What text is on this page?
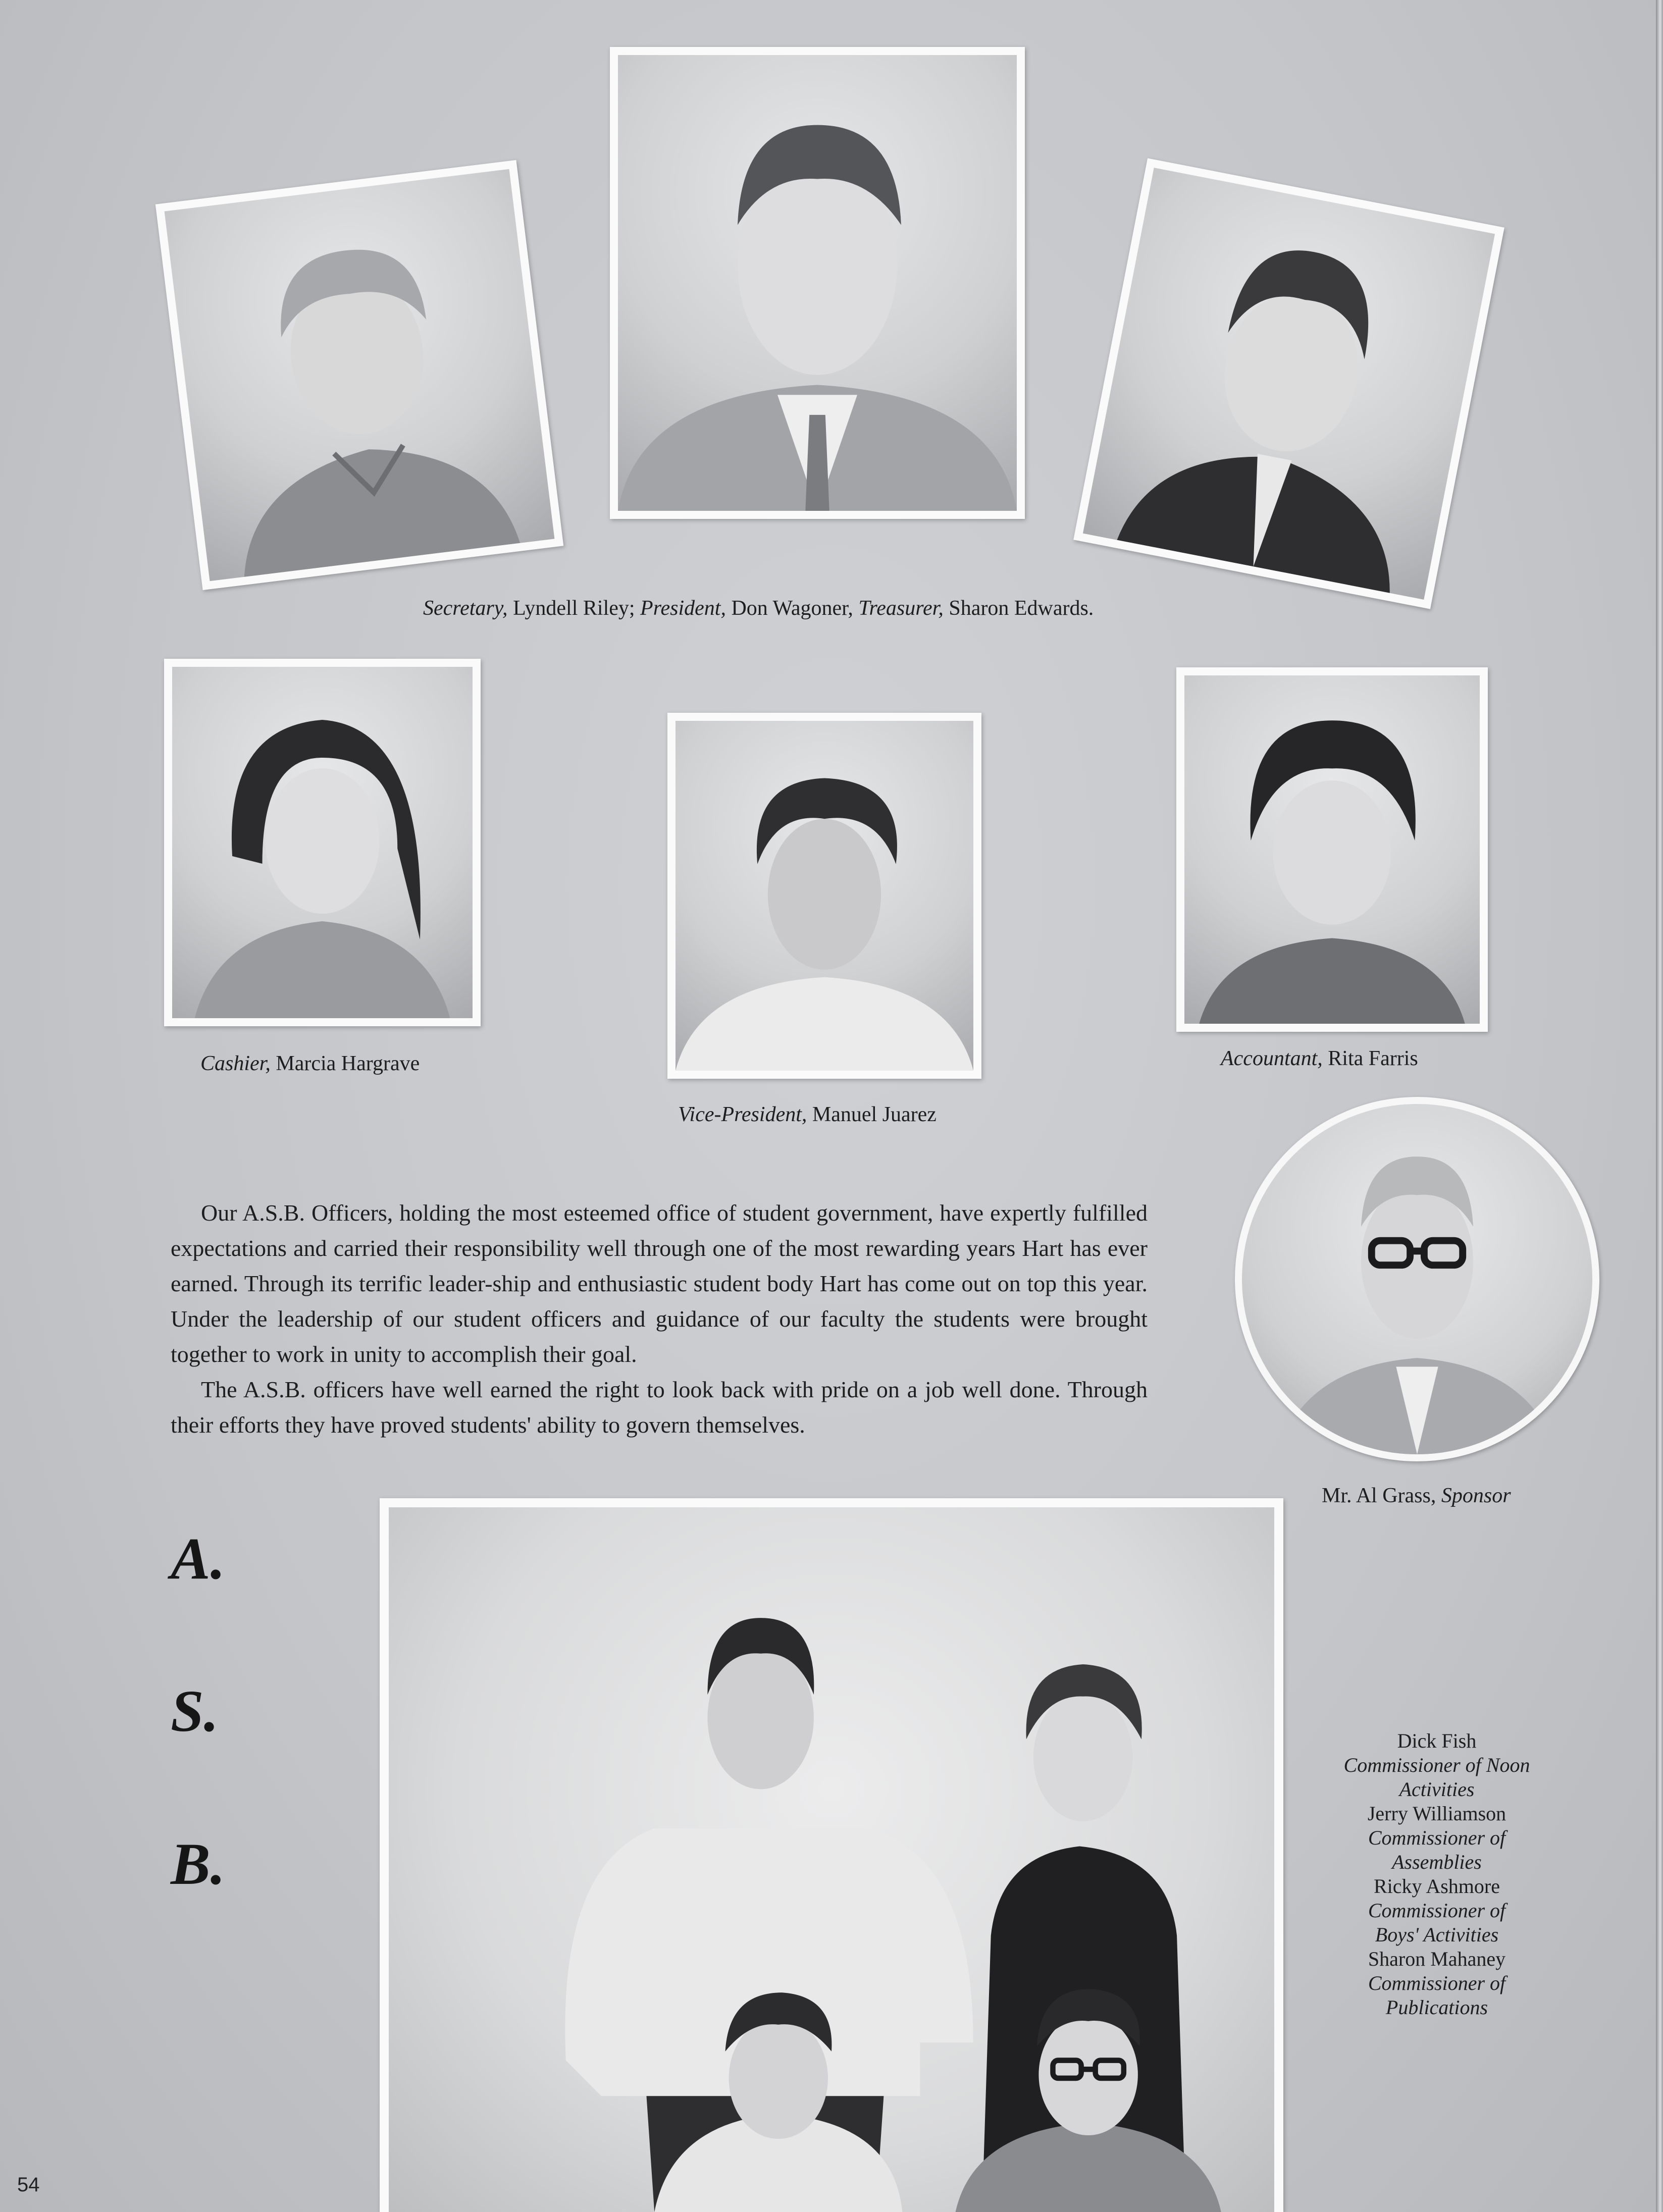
Secretary, Lyndell Riley; President, Don Wagoner, Treasurer, Sharon Edwards.
Cashier, Marcia Hargrave	Accountant, Rita Farris
Vice-President, Manuel Juarez
Mr. Al Grass, Sponsor

Our A.S.B. Officers, holding the most esteemed office of student government, have expertly fulfilled expectations and carried their responsibility well through one of the most rewarding years Hart has ever earned. Through its terrific leader-ship and enthusiastic student body Hart has come out on top this year. Under the leadership of our student officers and guidance of our faculty the students were brought together to work in unity to accomplish their goal.

The A.S.B. officers have well earned the right to look back with pride on a job well done. Through their efforts they have proved students' ability to govern themselves.

A.
S.
B.
Dick Fish
Commissioner of Noon
Activities
Jerry Williamson
Commissioner of
Assemblies
Ricky Ashmore
Commissioner of
Boys' Activities
Sharon Mahaney
Commissioner of
Publications
54
